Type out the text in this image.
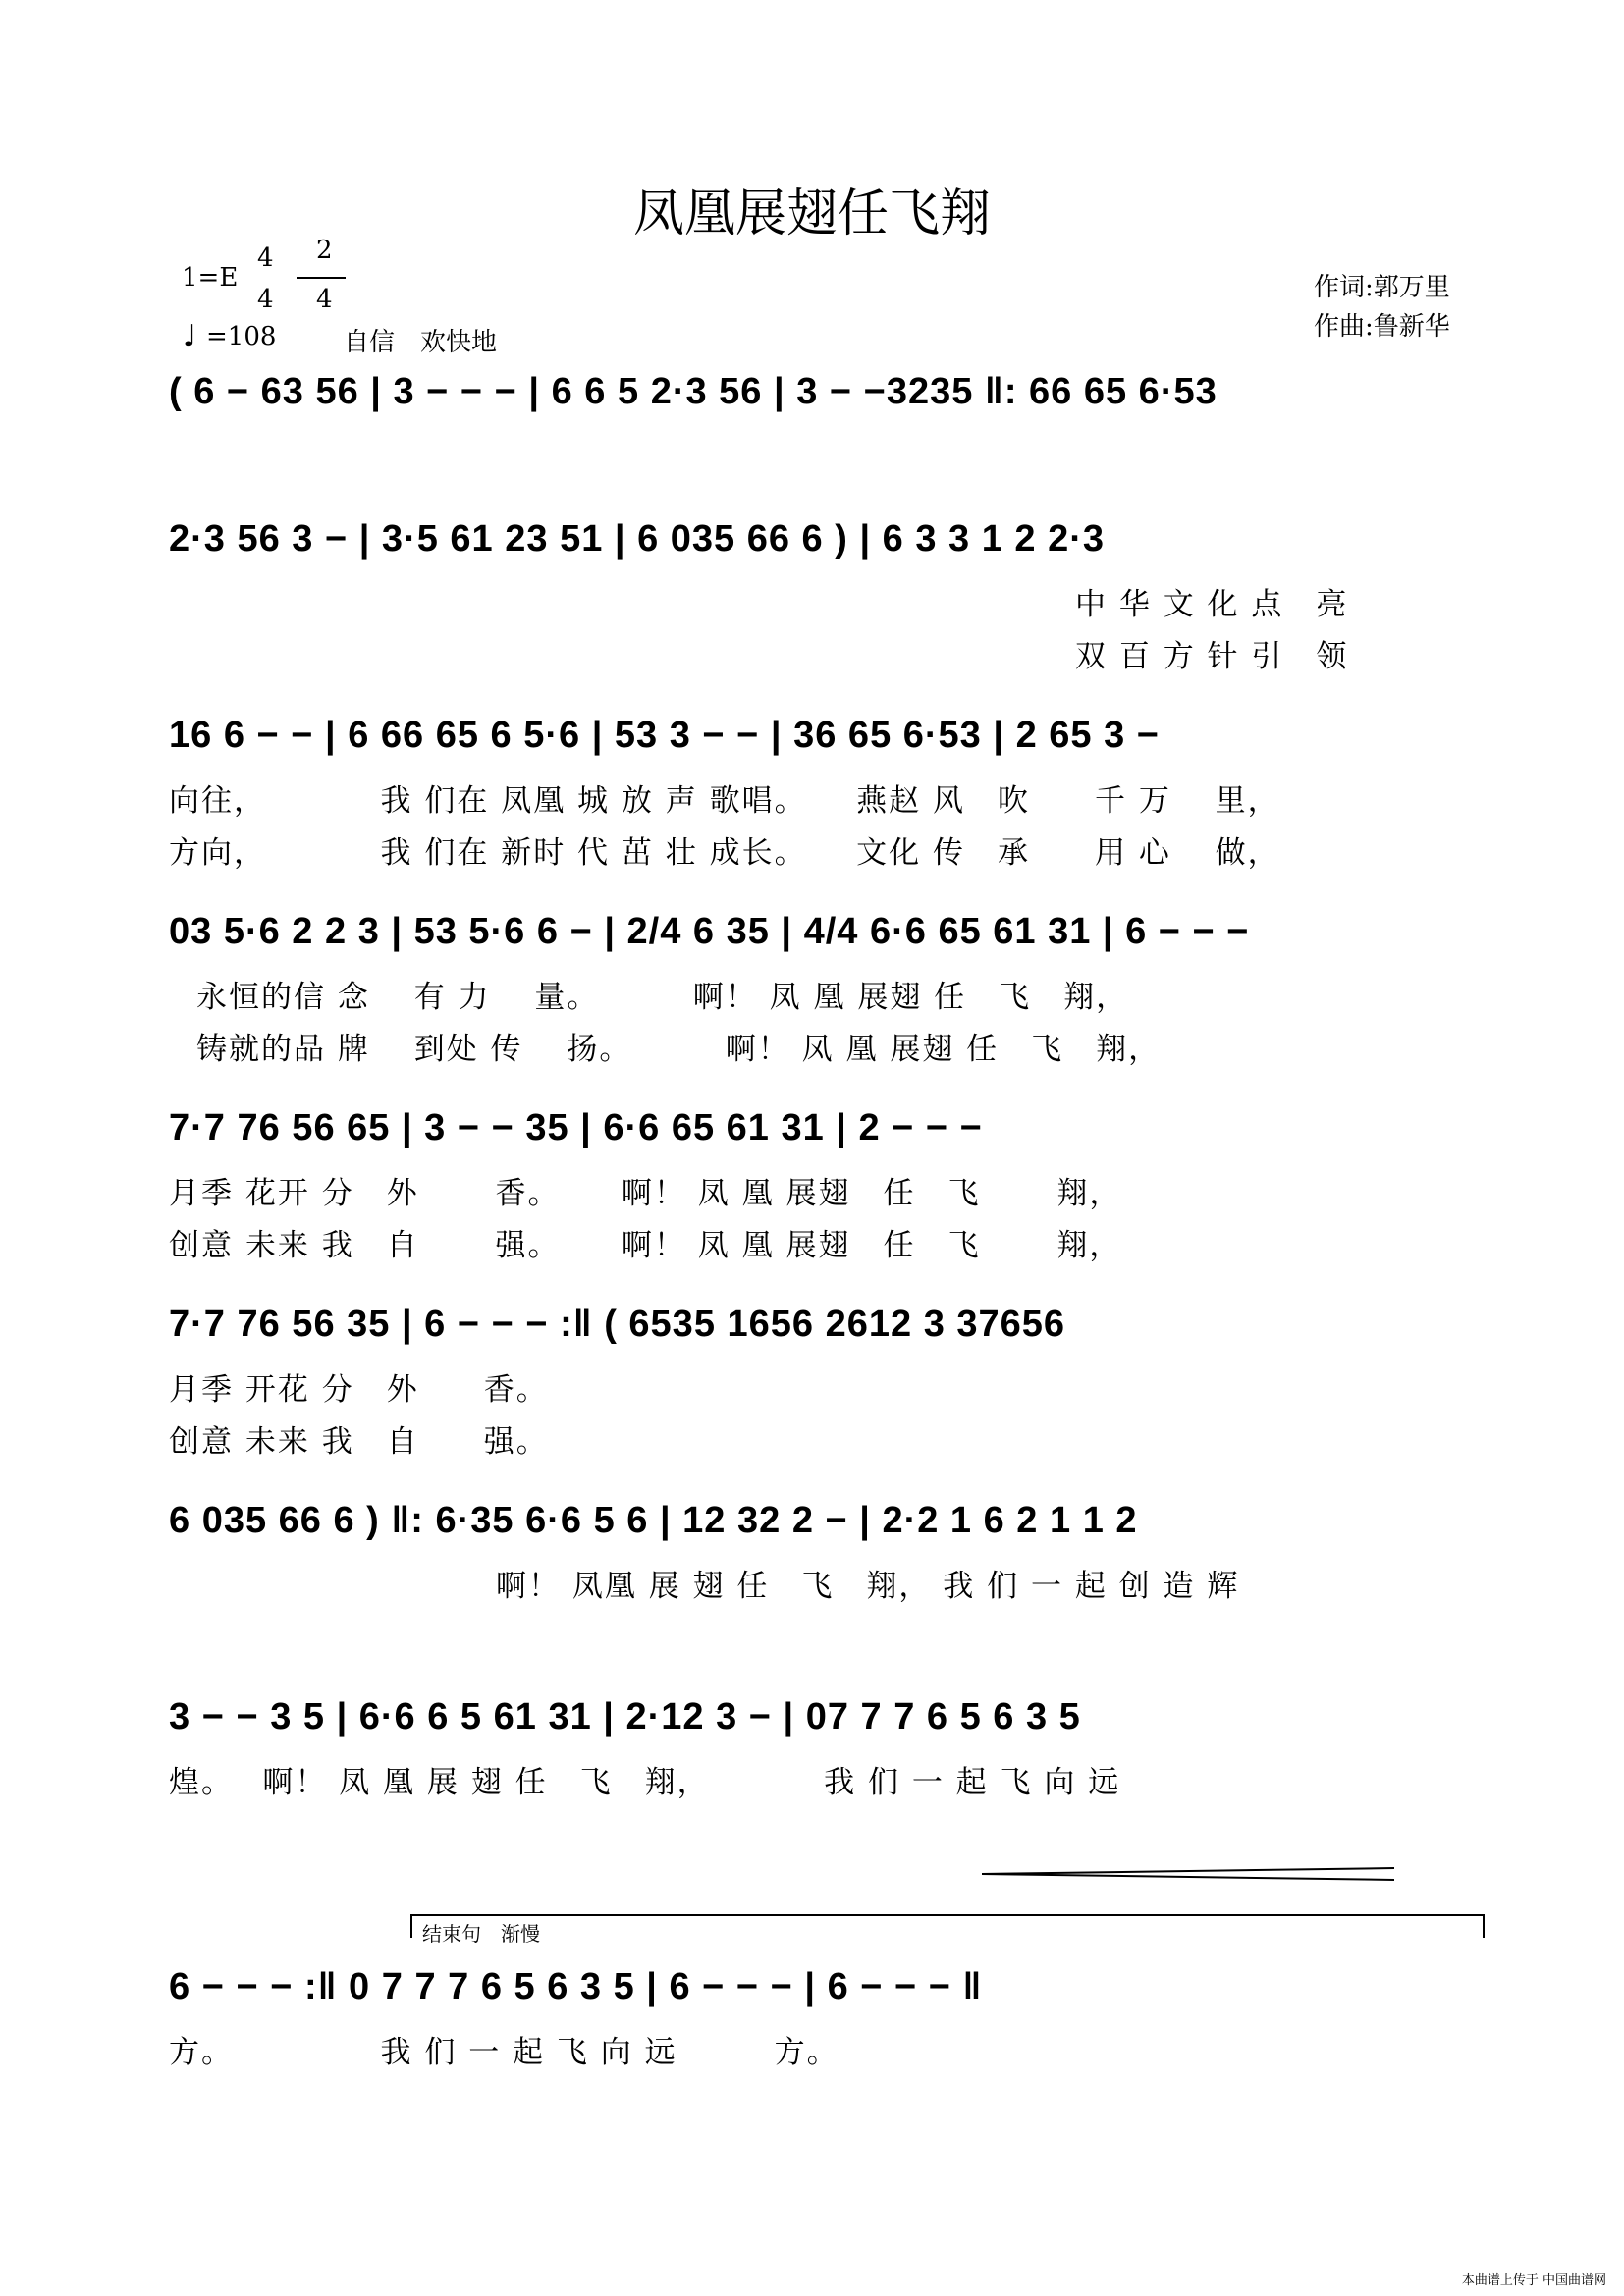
凤凰展翅任飞翔
1=E
4
4
2
4
♩ =108	自信　欢快地
作词:郭万里
作曲:鲁新华
( 6 − 63 56 | 3 − − − | 6 6 5 2·3 56 | 3 − −3235 ‖: 66 65 6·53
2·3 56 3 − | 3·5 61 23 51 | 6 035 66 6 ) | 6 3 3 1 2 2·3
中 华 文 化 点　亮
双 百 方 针 引　领
16 6 − − | 6 66 65 6 5·6 | 53 3 − − | 36 65 6·53 | 2 65 3 −
向往，　　　　我 们在 凤凰 城 放 声 歌唱。　　燕赵 风　吹　　千 万　 里，
方向，　　　　我 们在 新时 代 茁 壮 成长。　　文化 传　承　　用 心　 做，
03 5·6 2 2 3 | 53 5·6 6 − | 2/4 6 35 | 4/4 6·6 65 61 31 | 6 − − −
永恒的信 念　 有 力　 量。　　　 啊！ 凤 凰 展翅 任　飞　翔，
铸就的品 牌　 到处 传　 扬。　　　 啊！ 凤 凰 展翅 任　飞　翔，
7·7 76 56 65 | 3 − − 35 | 6·6 65 61 31 | 2 − − −
月季 花开 分　外　　 香。　　 啊！ 凤 凰 展翅　任　飞　　 翔，
创意 未来 我　自　　 强。　　 啊！ 凤 凰 展翅　任　飞　　 翔，
7·7 76 56 35 | 6 − − − :‖ ( 6535 1656 2612 3 37656
月季 开花 分　外　　香。
创意 未来 我　自　　强。
6 035 66 6 ) ‖: 6·35 6·6 5 6 | 12 32 2 − | 2·2 1 6 2 1 1 2
啊！ 凤凰 展 翅 任　飞　翔， 我 们 一 起 创 造 辉
3 − − 3 5 | 6·6 6 5 61 31 | 2·12 3 − | 07 7 7 6 5 6 3 5
煌。　 啊！ 凤 凰 展 翅 任　飞　翔，　　　　我 们 一 起 飞 向 远
结束句　渐慢
6 − − − :‖ 0 7 7 7 6 5 6 3 5 | 6 − − − | 6 − − − ‖
方。　　　　　我 们 一 起 飞 向 远　　　方。
本曲谱上传于 中国曲谱网
